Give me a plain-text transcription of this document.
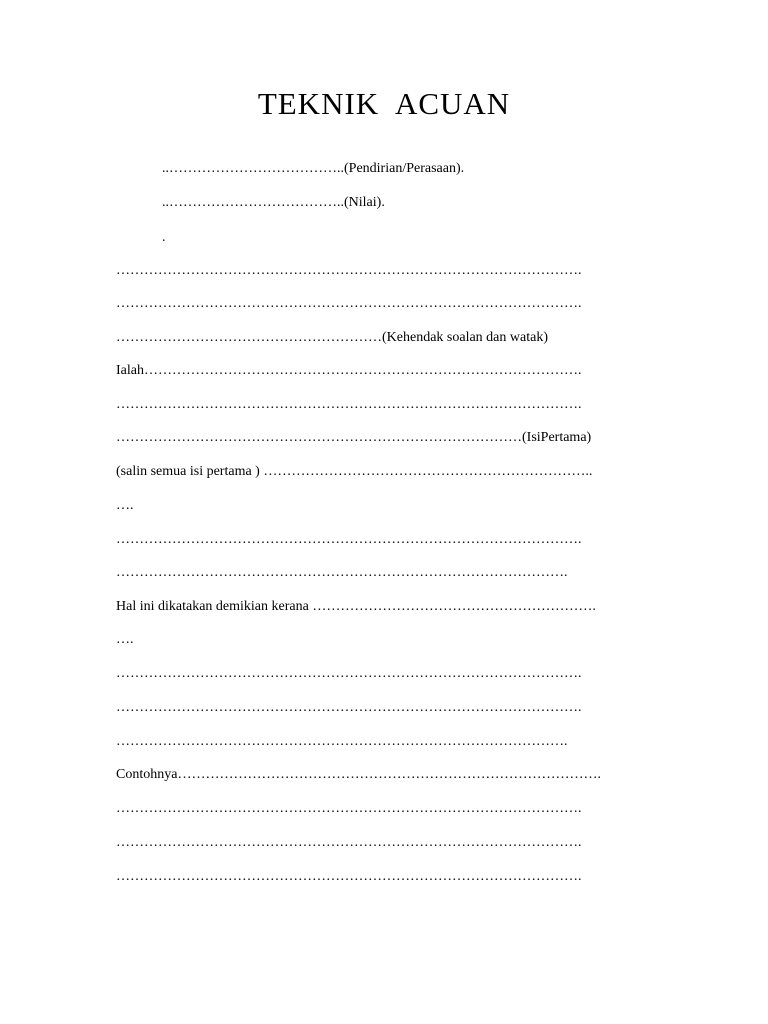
TEKNIK  ACUAN
..………………………………..(Pendirian/Perasaan).
..………………………………..(Nilai).
.
……………………………………………………………………………………….
……………………………………………………………………………………….
…………………………………………………(Kehendak soalan dan watak)
Ialah………………………………………………………………………………….
……………………………………………………………………………………….
……………………………………………………………………………(IsiPertama)
(salin semua isi pertama ) ……………………………………………………………..
….
……………………………………………………………………………………….
…………………………………………………………………………………….
Hal ini dikatakan demikian kerana …………………………………………………….
….
……………………………………………………………………………………….
……………………………………………………………………………………….
…………………………………………………………………………………….
Contohnya……………………………………………………………………………….
……………………………………………………………………………………….
……………………………………………………………………………………….
……………………………………………………………………………………….
